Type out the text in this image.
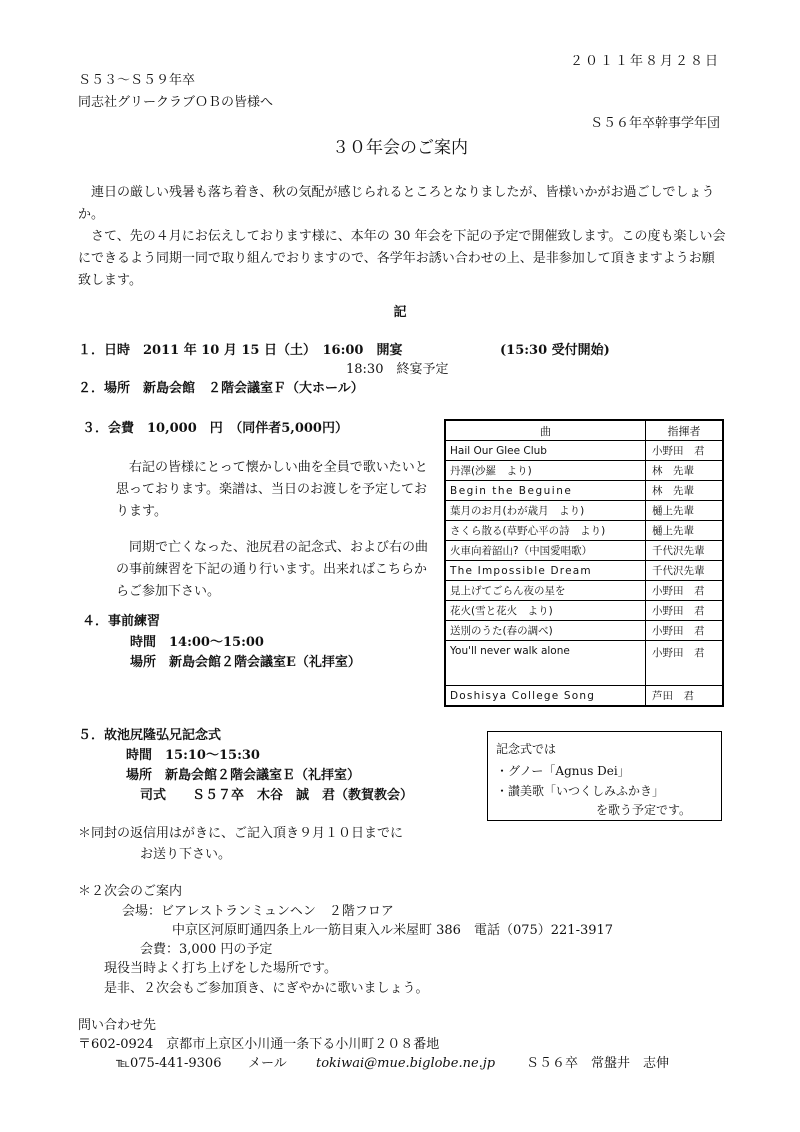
２０１１年８月２８日
Ｓ５３～Ｓ５９年卒
同志社グリークラブＯＢの皆様へ
Ｓ５６年卒幹事学年団
３０年会のご案内
連日の厳しい残暑も落ち着き、秋の気配が感じられるところとなりましたが、皆様いかがお過ごしでしょうか。
さて、先の４月にお伝えしております様に、本年の 30 年会を下記の予定で開催致します。この度も楽しい会にできるよう同期一同で取り組んでおりますので、各学年お誘い合わせの上、是非参加して頂きますようお願致します。
記
１．日時　2011 年 10 月 15 日（土）　16:00　開宴	(15:30 受付開始)
18:30　終宴予定
２．場所　新島会館　２階会議室Ｆ（大ホール）
３．会費　10,000　円　（同伴者5,000円）
右記の皆様にとって懐かしい曲を全員で歌いたいと思っております。楽譜は、当日のお渡しを予定しております。
同期で亡くなった、池尻君の記念式、および右の曲の事前練習を下記の通り行います。出来ればこちらからご参加下さい。
４．事前練習
時間　14:00～15:00
場所　新島会館２階会議室E（礼拝室）
曲	指揮者
Hail Our Glee Club	小野田　君
丹澤(沙羅　より)	林　先輩
Begin the Beguine	林　先輩
葉月のお月(わが歳月　より)	樋上先輩
さくら散る(草野心平の詩　より)	樋上先輩
火車向着韶山?（中国愛唱歌）	千代沢先輩
The Impossible Dream	千代沢先輩
見上げてごらん夜の星を	小野田　君
花火(雪と花火　より)	小野田　君
送別のうた(春の調べ)	小野田　君
You'll never walk alone	小野田　君
Doshisya College Song	芦田　君
５．故池尻隆弘兄記念式
時間　15:10～15:30
場所　新島会館２階会議室Ｅ（礼拝室）
司式　　Ｓ５７卒　木谷　誠　君（教賀教会）
記念式では
・グノー「Agnus Dei」
・讃美歌「いつくしみふかき」
を歌う予定です。
＊同封の返信用はがきに、ご記入頂き９月１０日までに
お送り下さい。
＊２次会のご案内
会場：ビアレストランミュンヘン　２階フロア
中京区河原町通四条上ル一筋目東入ル米屋町 386　電話（075）221-3917
会費：3,000 円の予定
現役当時よく打ち上げをした場所です。
是非、２次会もご参加頂き、にぎやかに歌いましょう。
問い合わせ先
〒602-0924　京都市上京区小川通一条下る小川町２０８番地
℡075-441-9306 メール tokiwai@mue.biglobe.ne.jp Ｓ５６卒　常盤井　志伸
